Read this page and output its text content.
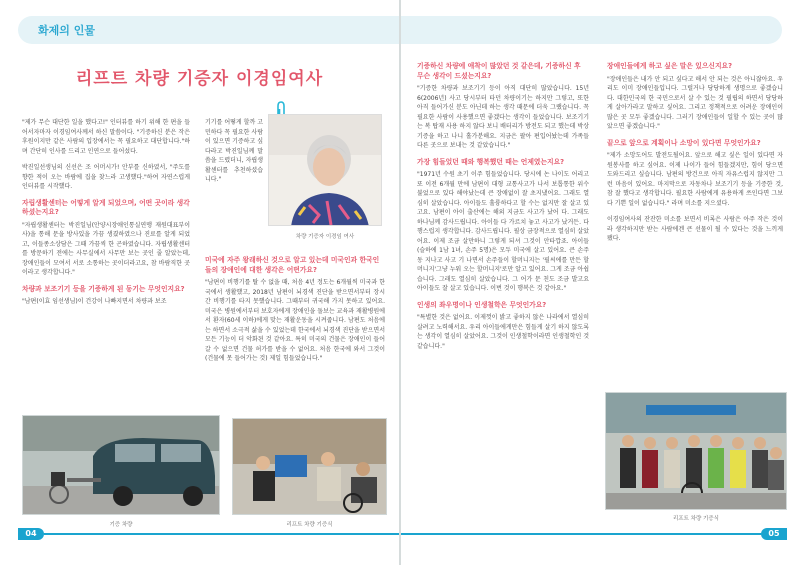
화제의 인물
리프트 차량 기증자 이경임여사

"제가 무슨 대단한 일을 했다고!" 인터뷰를 하기 위해 한 편을 들어서자마자 이경임여사께서 하신 말씀이다. "기증하신 분은 작은 후원이지만 같은 사람의 입장에서는 꼭 필요하고 대단합니다."하며 간단히 인사를 드리고 인연으로 들어섰다.

박진일선생님의 신선은 조 어머시가! 안부를 신하였서, "주도를 향한 적이 오는 바람에 집을 찾느라 고생했다."하여 자연스럽게 인터뷰를 시작했다.

자립생활센터는 어떻게 알게 되었으며, 어떤 곳이라 생각하셨는지요?

"자립생활센터는 박진일님(안양시장애인통실연맹 재원대표부이사)을 통해 문을 방사있을 가끔 생겼하였으나 진료를 알게 되었고, 이들종소상담은 그때 가끔씩 한 곤하였습니다. 자립생활센터를 방문하기 전에는 사무실에서 사무만 보는 곳인 줄 알았는데, 장애인들이 모여서 서로 소통하는 곳이더라고요, 참 바람직한 곳이라고 생각합니다."

차량과 보조기기 등을 기증하게 된 동기는 무엇인지요?

"남편(이효 임선생님)이 건강이 나빠지면서 차량과 보조

기기를 어떻게 할까 고민하다 꼭 필요한 사람이 있으면 기증하고 싶다라고 박진일님께 말씀을 드렸더니, 자립생활센터를 추천하셨습니다."

차량 기증자 이경임 여사
미국에 자주 왕래하신 것으로 알고 있는데 미국인과 한국인들의 장애인에 대한 생각은 어떤가요?

"남편이 비행기를 탈 수 없을 때, 처음 4년 정도는 6개월씩 미국과 한국에서 생활했고, 2018년 남편이 뇌경색 진단을 받으면서부터 장시간 비행기를 타지 못했습니다. 그때부터 귀국해 가지 못하고 있어요. 미국은 병원에서부터 보호자에게 장애인을 돌보는 교육과 재활병원에서 환자(60세 이하)에게 맞는 재활운동을 시켜줍니다. 남편도 처음에는 하면서 소극적 삶을 수 있었는데 한국에서 뇌경색 진단을 받으면서 모든 기능이 더 악화된 것 같아요. 특히 미국의 건물은 장애인이 들어갈 수 없으면 건물 허가를 받을 수 없어요. 처음 한국에 와서 그것이(건물에 못 들어가는 것) 제일 힘들었습니다."

기증 차량	리프트 차량 기증식
04
기증하신 차량에 애착이 많았던 것 같은데, 기증하신 후 무슨 생각이 드셨는지요?

"기증한 차량과 보조기기 등이 아직 대단히 많았습니다. 15년 6(2006년) 사고 당시부터 타던 차량이기는 하지만 그렇고, 또한 아직 들어가신 분도 아닌데 하는 생각 때문에 더욱 그랬습니다. 꼭 필요한 사람이 사용했으면 좋겠다는 생각이 들었습니다. 보조기기는 복 탑재 사용 하지 않다 보니 배터리가 방전도 되고 했는데 박상 기증을 하고 나니 홀가분해요. 지금은 팔아 편입어놨는데 가족들 다른 곳으로 보내는 것 같았습니다."

가장 힘들었던 때와 행복했던 때는 언제였는지요?

"1971년 수원 초기 이주 힘들었습니다. 당시에 논 나이도 어리고 또 이전 6개월 만에 남편이 대형 교통사고가 나서 보톱통한 위수 불었으로 있다 해야났는데 큰 장애없이 잘 초지냈어요. 그래도 열심히 살았습니다. 아이들도 훌륭하다고 할 수는 없지만 잘 살고 있고요. 남편이 아이 출산에는 해외 지금도 사고가 났어 다. 그래도 하나님께 감사드립니다. 아이들 다 가르치 놓고 사고가 났거든. 다행스럽지 생각합니다. 감사드립니다. 필상 금장적으로 열심히 살았어요. 이제 조금 살만하니 그렇게 되셔 그것이 안타깝죠. 아이들(슬하에 1남 1녀, 손주 5명)은 모두 미국에 살고 있어요. 큰 손주 동 지나고 사고 기 나면서 손주들이 할머니지는 '필씨에를 만든 할머니지'그냥 누워 오는 할머니지'로만 알고 있어요. 그게 조금 아쉽습니다. 그래도 열심히 살았습니다. 그 어가 문 친도 조금 발고요 아이들도 잘 살고 있습니다. 이번 것이 행복은 것 같아요."

인생의 좌우명이나 인생철학은 무엇인가요?

"특별한 것은 없어요. 이제껏이 밝고 좋하지 않은 나라에서 열심히 살려고 노력해서요. 우리 아이들에게만은 힘들게 살기 하지 않도록는 생각이 열심히 살았어요. 그것이 인생철학이라면 인생철학인 것 같습니다."

장애인들에게 하고 싶은 말은 있으신지요?

"장애인들은 내가 안 되고 싶다고 해서 안 되는 것은 아니잖아요. 우리도 이미 장애인들입니다. 그럴거나 당당하게 생명으로 좋겠습니다. 대한민국의 한 국민으로서 살 수 있는 것 필립의 하면서 당당하게 살아가라고 말하고 싶어요. 그리고 정책적으로 어려운 장애인이 많은 곳 모두 좋겠습니다. 그러기 장애인들이 일할 수 있는 곳이 많았으면 좋겠습니다."

끝으로 앞으로 계획이나 소망이 있다면 무엇인가요?

"제가 소망도어도 발전도될어요. 앞으로 해고 싶은 일이 있다면 자원봉사를 하고 싶어요. 이제 나이가 들어 힘들겠지만, 힘이 당으면 도와드리고 싶습니다. 남편의 방건으로 아직 자유스럽지 않지만 그런 마음이 있어요. 마지막으로 자동차나 보조기기 등을 기증한 것, 참 잘 했다고 생각합니다. 필요한 사람에게 유용하게 쓰인다면 그보다 기쁜 일이 없습니다." 라며 미소를 지으셨다.

이경임여사의 잔잔한 미소를 보면서 비록은 사람은 아주 작은 것이라 생각하지만 받는 사람에겐 큰 선물이 될 수 있다는 것을 느끼게 됐다.

리프트 차량 기증식
05
